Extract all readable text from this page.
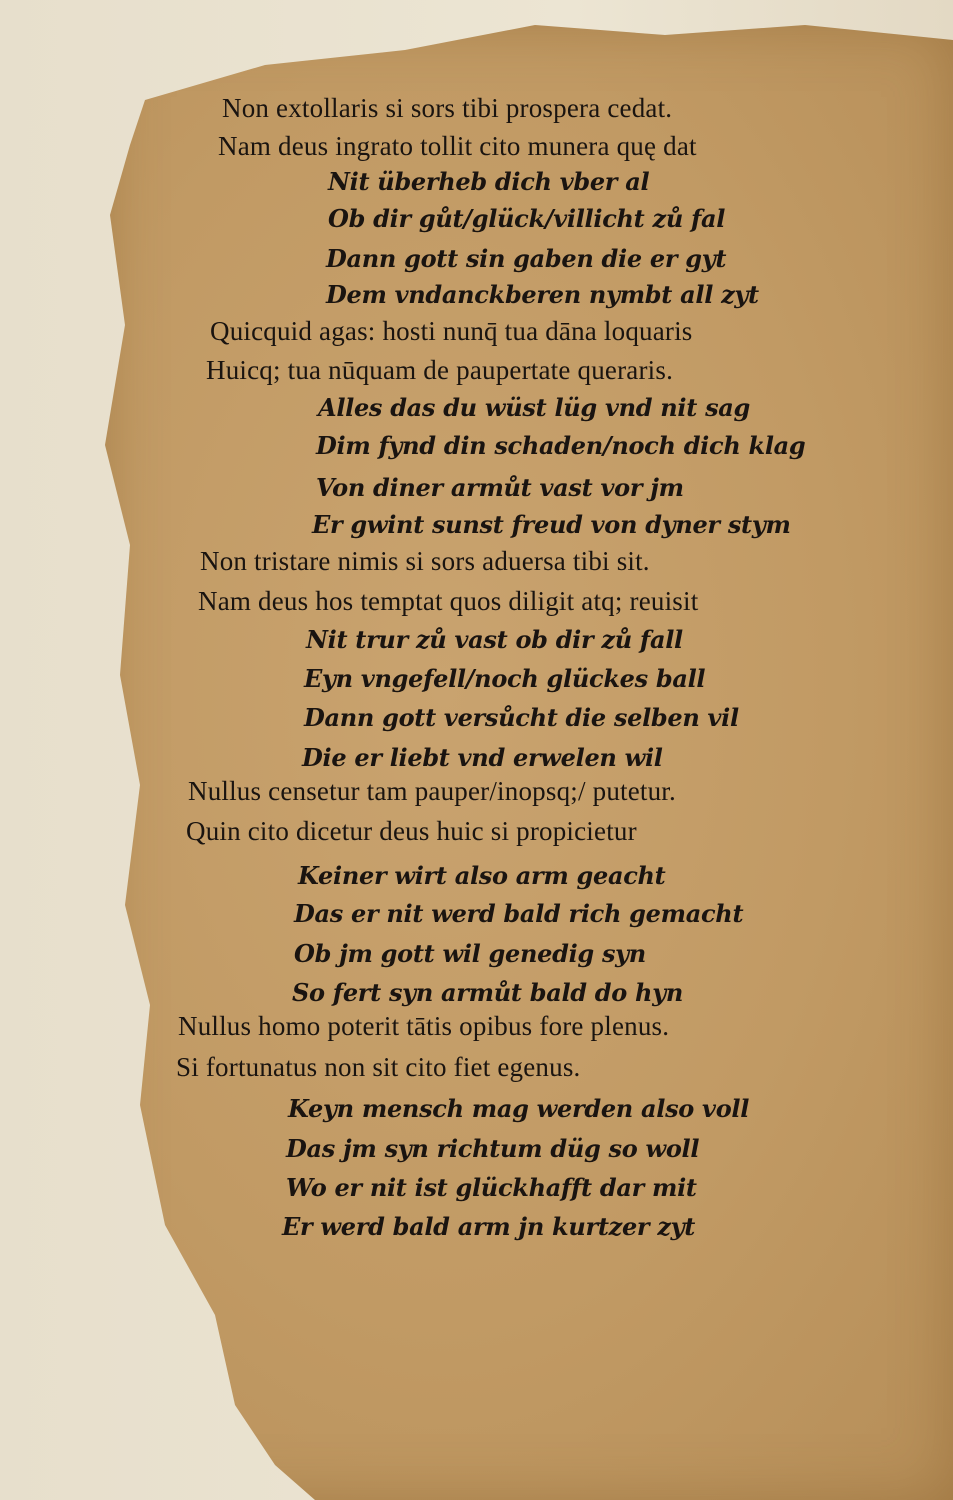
Non extollaris si sors tibi prospera cedat.
Nam deus ingrato tollit cito munera quę dat
Nit überheb dich vber al
Ob dir gůt/glück/villicht zů fal
Dann gott sin gaben die er gyt
Dem vndanckberen nymbt all zyt
Quicquid agas: hosti nunq̄ tua dāna loquaris
Huicq; tua nūquam de paupertate queraris.
Alles das du wüst lüg vnd nit sag
Dim fynd din schaden/noch dich klag
Von diner armůt vast vor jm
Er gwint sunst freud von dyner stym
Non tristare nimis si sors aduersa tibi sit.
Nam deus hos temptat quos diligit atq; reuisit
Nit trur zů vast ob dir zů fall
Eyn vngefell/noch glückes ball
Dann gott versůcht die selben vil
Die er liebt vnd erwelen wil
Nullus censetur tam pauper/inopsq;/ putetur.
Quin cito dicetur deus huic si propicietur
Keiner wirt also arm geacht
Das er nit werd bald rich gemacht
Ob jm gott wil genedig syn
So fert syn armůt bald do hyn
Nullus homo poterit tātis opibus fore plenus.
Si fortunatus non sit cito fiet egenus.
Keyn mensch mag werden also voll
Das jm syn richtum düg so woll
Wo er nit ist glückhafft dar mit
Er werd bald arm jn kurtzer zyt
